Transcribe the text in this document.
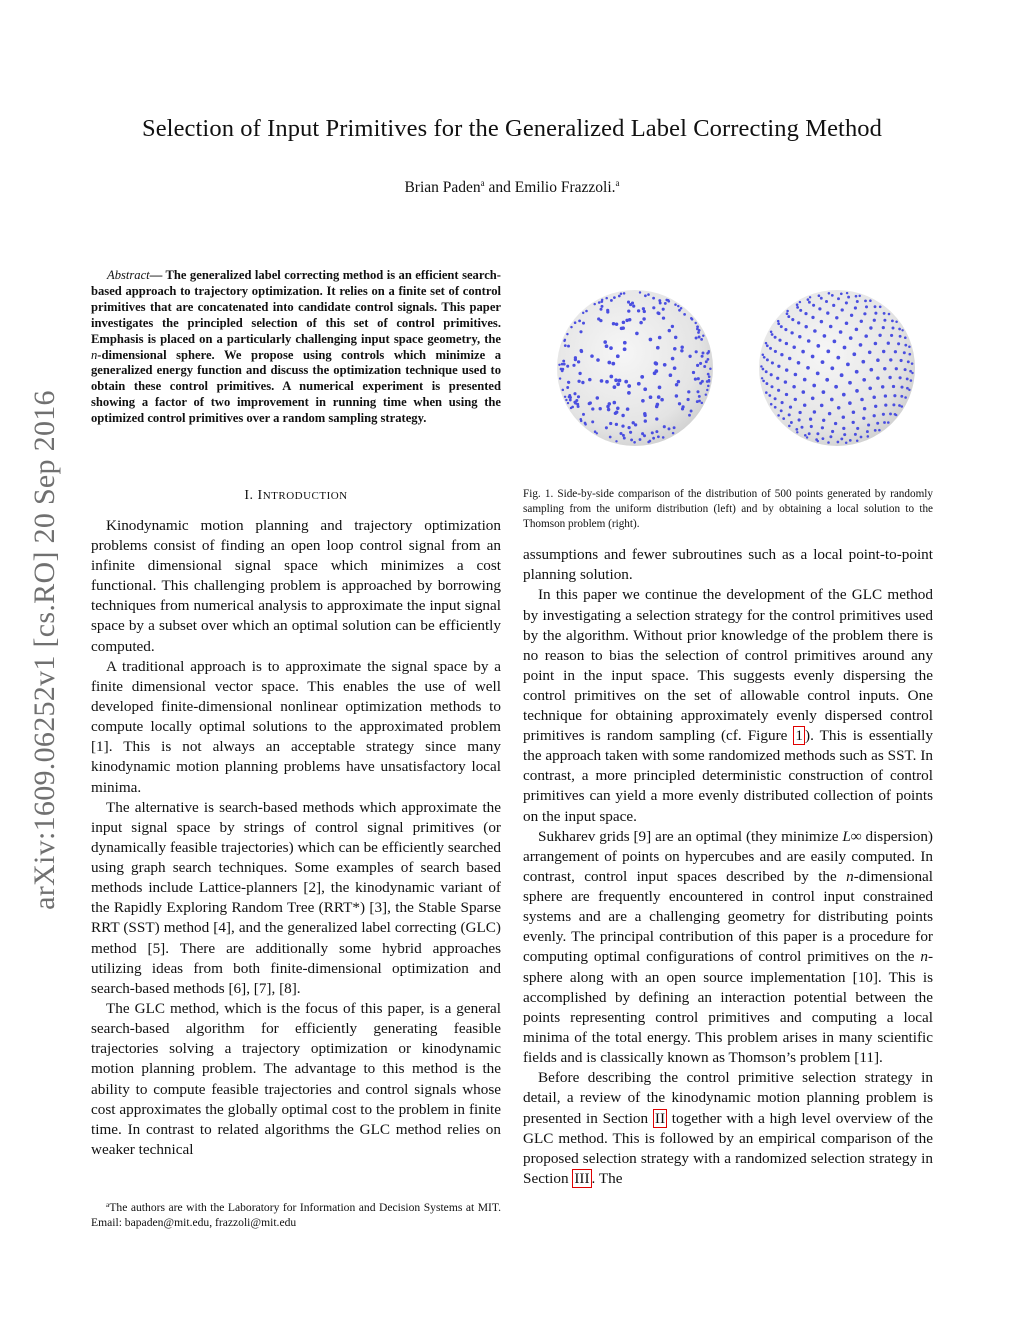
arXiv:1609.06252v1 [cs.RO] 20 Sep 2016
Selection of Input Primitives for the Generalized Label Correcting Method
Brian Paden$^a$ and Emilio Frazzoli.$^a$
Abstract— The generalized label correcting method is an efficient search-based approach to trajectory optimization. It relies on a finite set of control primitives that are concatenated into candidate control signals. This paper investigates the principled selection of this set of control primitives. Emphasis is placed on a particularly challenging input space geometry, the n-dimensional sphere. We propose using controls which minimize a generalized energy function and discuss the optimization technique used to obtain these control primitives. A numerical experiment is presented showing a factor of two improvement in running time when using the optimized control primitives over a random sampling strategy.
I. INTRODUCTION

Kinodynamic motion planning and trajectory optimization problems consist of finding an open loop control signal from an infinite dimensional signal space which minimizes a cost functional. This challenging problem is approached by borrowing techniques from numerical analysis to approximate the input signal space by a subset over which an optimal solution can be efficiently computed.

A traditional approach is to approximate the signal space by a finite dimensional vector space. This enables the use of well developed finite-dimensional nonlinear optimization methods to compute locally optimal solutions to the approximated problem [1]. This is not always an acceptable strategy since many kinodynamic motion planning problems have unsatisfactory local minima.

The alternative is search-based methods which approximate the input signal space by strings of control signal primitives (or dynamically feasible trajectories) which can be efficiently searched using graph search techniques. Some examples of search based methods include Lattice-planners [2], the kinodynamic variant of the Rapidly Exploring Random Tree (RRT*) [3], the Stable Sparse RRT (SST) method [4], and the generalized label correcting (GLC) method [5]. There are additionally some hybrid approaches utilizing ideas from both finite-dimensional optimization and search-based methods [6], [7], [8].

The GLC method, which is the focus of this paper, is a general search-based algorithm for efficiently generating feasible trajectories solving a trajectory optimization or kinodynamic motion planning problem. The advantage to this method is the ability to compute feasible trajectories and control signals whose cost approximates the globally optimal cost to the problem in finite time. In contrast to related algorithms the GLC method relies on weaker technical

$^a$The authors are with the Laboratory for Information and Decision Systems at MIT. Email: bapaden@mit.edu, frazzoli@mit.edu
Fig. 1. Side-by-side comparison of the distribution of 500 points generated by randomly sampling from the uniform distribution (left) and by obtaining a local solution to the Thomson problem (right).

assumptions and fewer subroutines such as a local point-to-point planning solution.

In this paper we continue the development of the GLC method by investigating a selection strategy for the control primitives used by the algorithm. Without prior knowledge of the problem there is no reason to bias the selection of control primitives around any point in the input space. This suggests evenly dispersing the control primitives on the set of allowable control inputs. One technique for obtaining approximately evenly dispersed control primitives is random sampling (cf. Figure 1 ). This is essentially the approach taken with some randomized methods such as SST. In contrast, a more principled deterministic construction of control primitives can yield a more evenly distributed collection of points on the input space.

Sukharev grids [9] are an optimal (they minimize L∞ dispersion) arrangement of points on hypercubes and are easily computed. In contrast, control input spaces described by the n-dimensional sphere are frequently encountered in control input constrained systems and are a challenging geometry for distributing points evenly. The principal contribution of this paper is a procedure for computing optimal configurations of control primitives on the n-sphere along with an open source implementation [10]. This is accomplished by defining an interaction potential between the points representing control primitives and computing a local minima of the total energy. This problem arises in many scientific fields and is classically known as Thomson’s problem [11].

Before describing the control primitive selection strategy in detail, a review of the kinodynamic motion planning problem is presented in Section II together with a high level overview of the GLC method. This is followed by an empirical comparison of the proposed selection strategy with a randomized selection strategy in Section III . The
